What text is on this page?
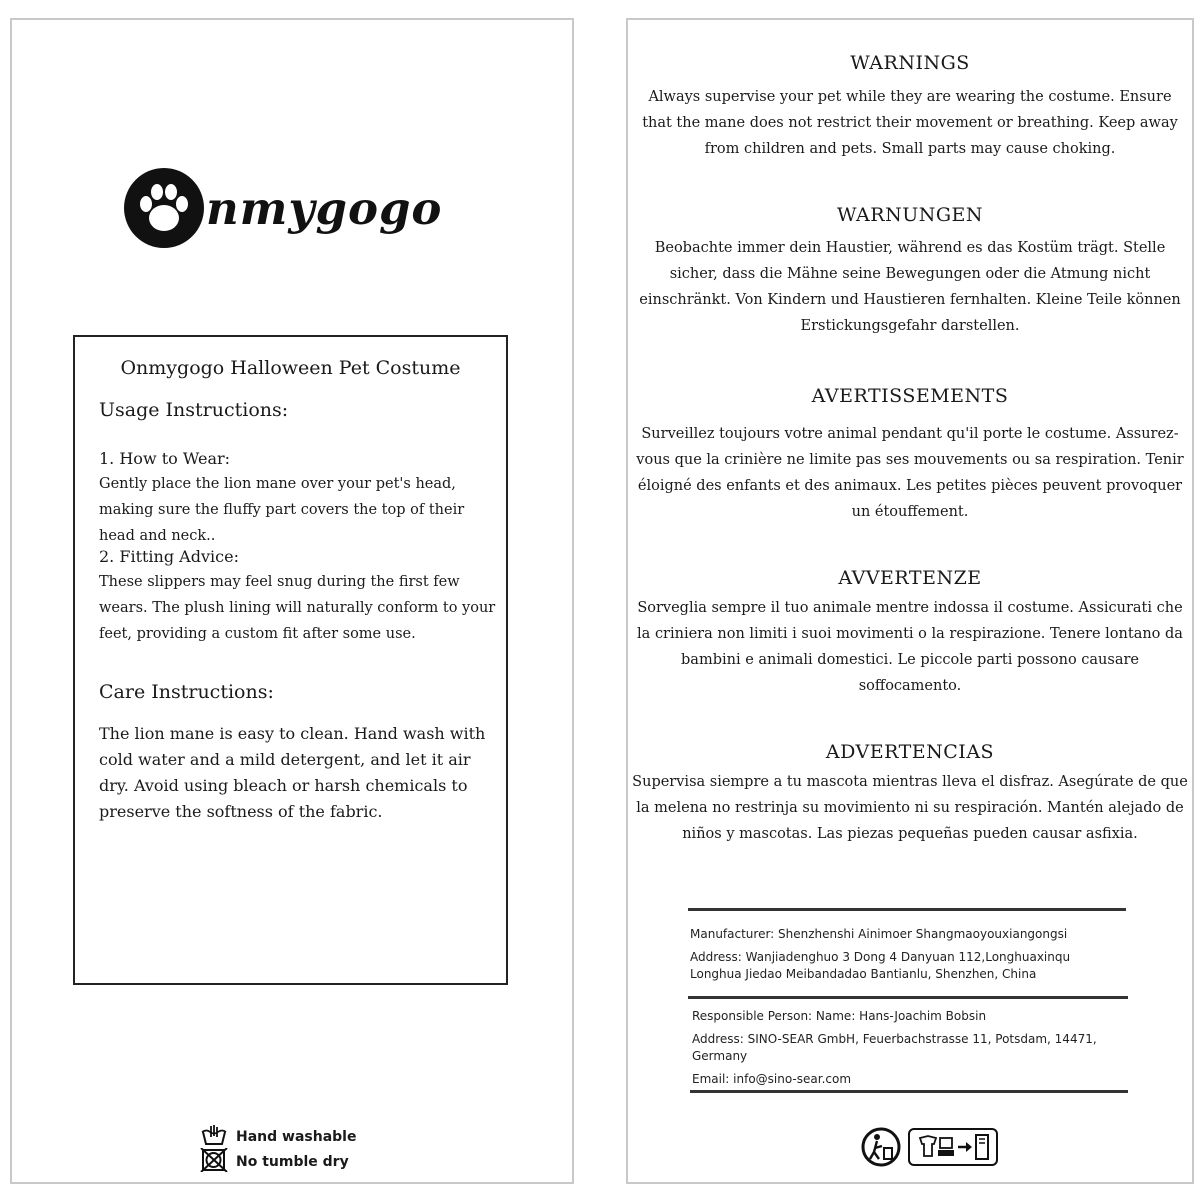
nmygogo
Onmygogo Halloween Pet Costume
Usage Instructions:
1. How to Wear:
Gently place the lion mane over your pet's head, making sure the fluffy part covers the top of their head and neck..
2. Fitting Advice:
These slippers may feel snug during the first few wears. The plush lining will naturally conform to your feet, providing a custom fit after some use.
Care Instructions:
The lion mane is easy to clean. Hand wash with cold water and a mild detergent, and let it air dry. Avoid using bleach or harsh chemicals to preserve the softness of the fabric.
Hand washable
No tumble dry
WARNINGS
Always supervise your pet while they are wearing the costume. Ensure that the mane does not restrict their movement or breathing. Keep away from children and pets. Small parts may cause choking.
WARNUNGEN
Beobachte immer dein Haustier, während es das Kostüm trägt. Stelle sicher, dass die Mähne seine Bewegungen oder die Atmung nicht einschränkt. Von Kindern und Haustieren fernhalten. Kleine Teile können Erstickungsgefahr darstellen.
AVERTISSEMENTS
Surveillez toujours votre animal pendant qu'il porte le costume. Assurez-vous que la crinière ne limite pas ses mouvements ou sa respiration. Tenir éloigné des enfants et des animaux. Les petites pièces peuvent provoquer un étouffement.
AVVERTENZE
Sorveglia sempre il tuo animale mentre indossa il costume. Assicurati che la criniera non limiti i suoi movimenti o la respirazione. Tenere lontano da bambini e animali domestici. Le piccole parti possono causare soffocamento.
ADVERTENCIAS
Supervisa siempre a tu mascota mientras lleva el disfraz. Asegúrate de que la melena no restrinja su movimiento ni su respiración. Mantén alejado de niños y mascotas. Las piezas pequeñas pueden causar asfixia.
Manufacturer: Shenzhenshi Ainimoer Shangmaoyouxiangongsi
Address: Wanjiadenghuo 3 Dong 4 Danyuan 112,Longhuaxinqu
Longhua Jiedao Meibandadao Bantianlu, Shenzhen, China
Responsible Person: Name: Hans-Joachim Bobsin
Address: SINO-SEAR GmbH, Feuerbachstrasse 11, Potsdam, 14471,
Germany
Email: info@sino-sear.com
